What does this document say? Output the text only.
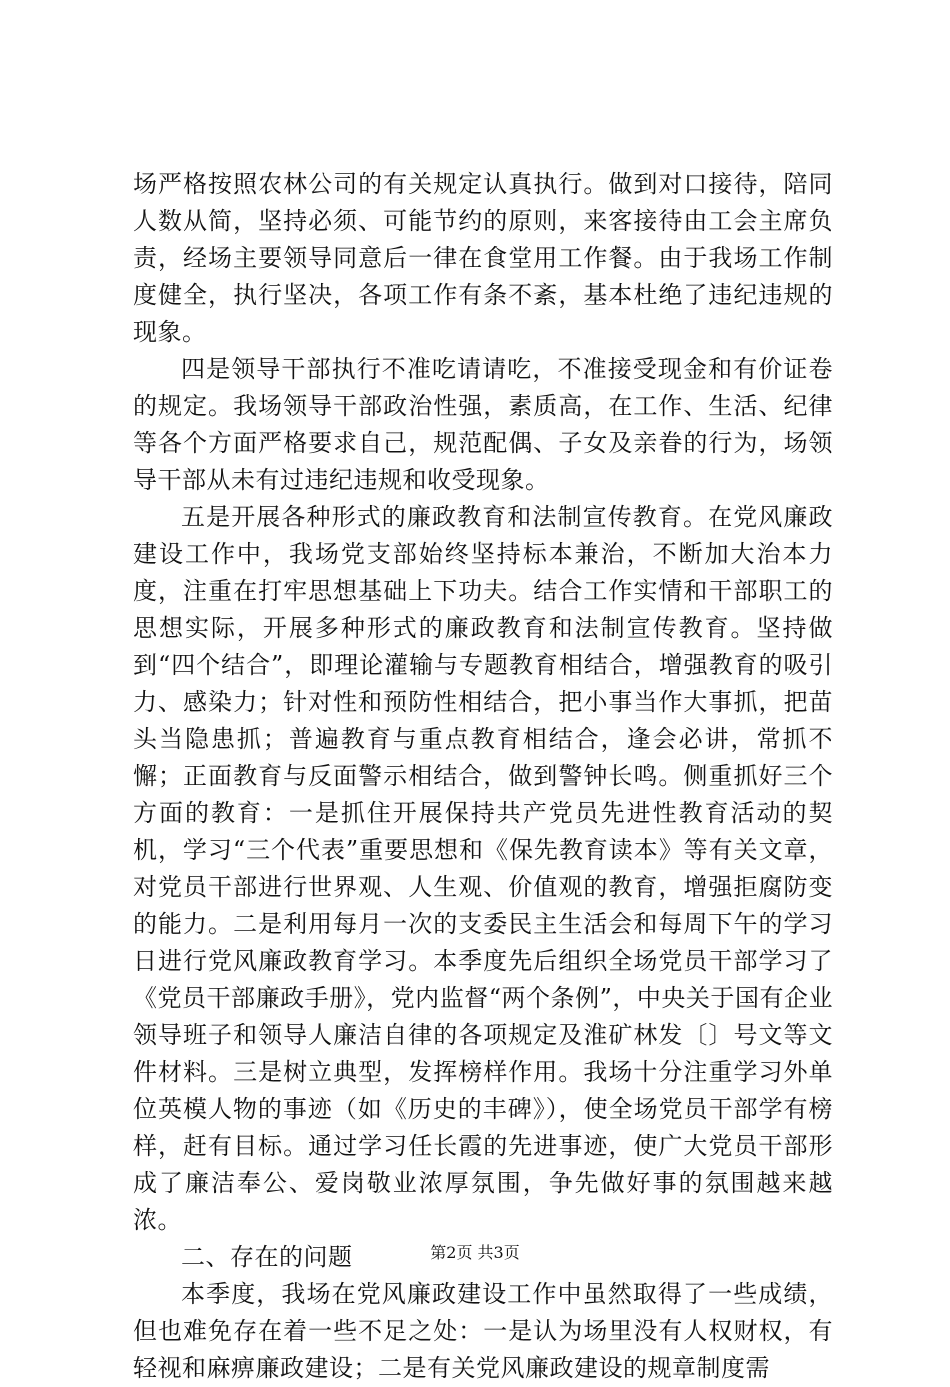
场严格按照农林公司的有关规定认真执行。做到对口接待，陪同人数从简，坚持必须、可能节约的原则，来客接待由工会主席负责，经场主要领导同意后一律在食堂用工作餐。由于我场工作制度健全，执行坚决，各项工作有条不紊，基本杜绝了违纪违规的现象。

四是领导干部执行不准吃请请吃，不准接受现金和有价证卷的规定。我场领导干部政治性强，素质高，在工作、生活、纪律等各个方面严格要求自己，规范配偶、子女及亲眷的行为，场领导干部从未有过违纪违规和收受现象。

五是开展各种形式的廉政教育和法制宣传教育。在党风廉政建设工作中，我场党支部始终坚持标本兼治，不断加大治本力度，注重在打牢思想基础上下功夫。结合工作实情和干部职工的思想实际，开展多种形式的廉政教育和法制宣传教育。坚持做到“四个结合”，即理论灌输与专题教育相结合，增强教育的吸引力、感染力；针对性和预防性相结合，把小事当作大事抓，把苗头当隐患抓；普遍教育与重点教育相结合，逢会必讲，常抓不懈；正面教育与反面警示相结合，做到警钟长鸣。侧重抓好三个方面的教育：一是抓住开展保持共产党员先进性教育活动的契机，学习“三个代表”重要思想和《保先教育读本》等有关文章，对党员干部进行世界观、人生观、价值观的教育，增强拒腐防变的能力。二是利用每月一次的支委民主生活会和每周下午的学习日进行党风廉政教育学习。本季度先后组织全场党员干部学习了《党员干部廉政手册》，党内监督“两个条例”，中央关于国有企业领导班子和领导人廉洁自律的各项规定及淮矿林发〔〕号文等文件材料。三是树立典型，发挥榜样作用。我场十分注重学习外单位英模人物的事迹（如《历史的丰碑》），使全场党员干部学有榜样，赶有目标。通过学习任长霞的先进事迹，使广大党员干部形成了廉洁奉公、爱岗敬业浓厚氛围，争先做好事的氛围越来越浓。

二、存在的问题

本季度，我场在党风廉政建设工作中虽然取得了一些成绩，但也难免存在着一些不足之处：一是认为场里没有人权财权，有轻视和麻痹廉政建设；二是有关党风廉政建设的规章制度需

第2页 共3页
